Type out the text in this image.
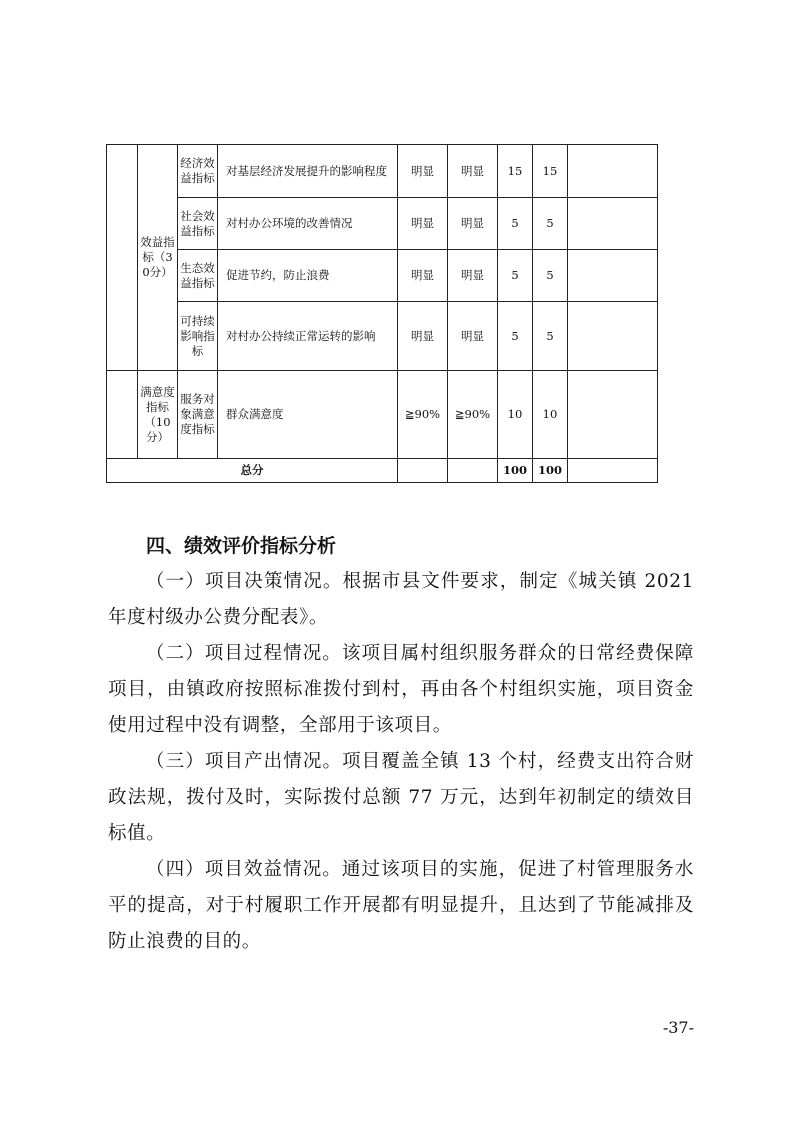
	效益指标（30分）	经济效益指标	对基层经济发展提升的影响程度	明显	明显	15	15	

		社会效益指标	对村办公环境的改善情况	明显	明显	5	5	

		生态效益指标	促进节约，防止浪费	明显	明显	5	5	

		可持续影响指标	对村办公持续正常运转的影响	明显	明显	5	5	

	满意度指标（10分）	服务对象满意度指标	群众满意度	≧90%	≧90%	10	10	
总分						100	100	
四、绩效评价指标分析

（一）项目决策情况。根据市县文件要求，制定《城关镇 2021年度村级办公费分配表》。

（二）项目过程情况。该项目属村组织服务群众的日常经费保障项目，由镇政府按照标准拨付到村，再由各个村组织实施，项目资金使用过程中没有调整，全部用于该项目。

（三）项目产出情况。项目覆盖全镇 13 个村，经费支出符合财政法规，拨付及时，实际拨付总额 77 万元，达到年初制定的绩效目标值。

（四）项目效益情况。通过该项目的实施，促进了村管理服务水平的提高，对于村履职工作开展都有明显提升，且达到了节能减排及防止浪费的目的。

-37-
